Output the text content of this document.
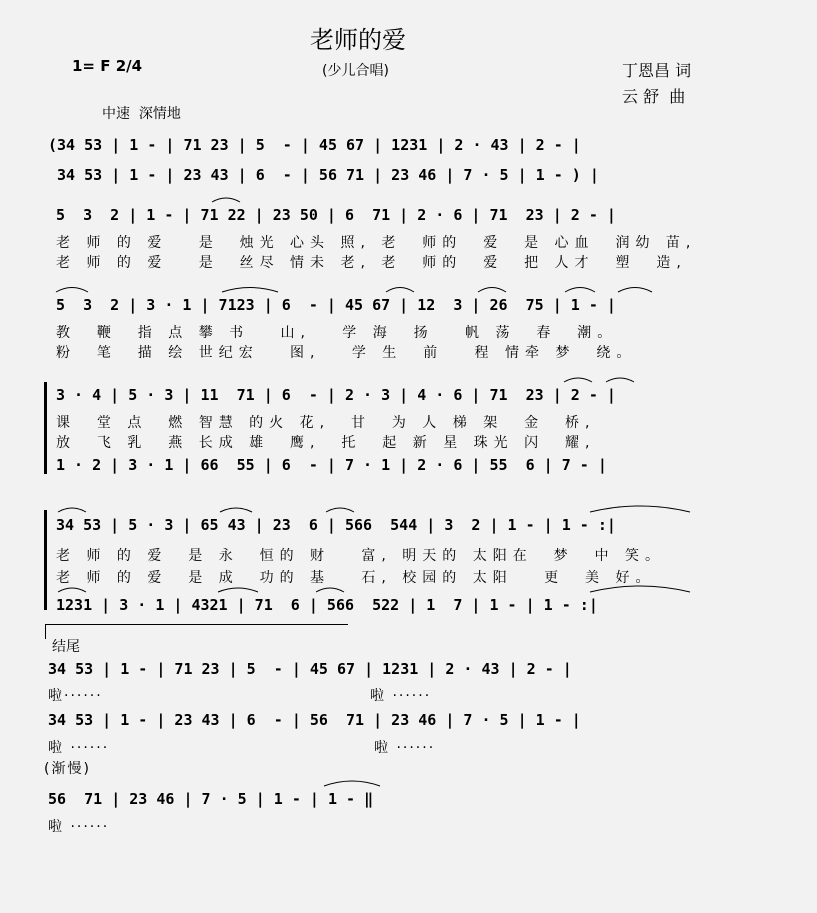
老师的爱
(少儿合唱)
1= F 2/4	丁恩昌 词
云 舒  曲
中速  深情地
(34 53 | 1 - | 71 23 | 5  - | 45 67 | 1231 | 2 · 43 | 2 - |
34 53 | 1 - | 23 43 | 6  - | 56 71 | 23 46 | 7 · 5 | 1 - ) |
5  3  2 | 1 - | 71 22 | 23 50 | 6  71 | 2 · 6 | 71  23 | 2 - |
老 师 的 爱   是  烛光 心头 照, 老  师的  爱  是 心血  润幼 苗,
老 师 的 爱   是  丝尽 情未 老, 老  师的  爱  把 人才  塑  造,
5  3  2 | 3 · 1 | 7123 | 6  - | 45 67 | 12  3 | 26  75 | 1 - |
教  鞭  指 点 攀 书   山,   学 海  扬   帆 荡  春  潮。
粉  笔  描 绘 世纪宏   图,   学 生  前   程 情牵 梦  绕。
3 · 4 | 5 · 3 | 11  71 | 6  - | 2 · 3 | 4 · 6 | 71  23 | 2 - |
课  堂 点  燃 智慧 的火 花,  甘  为 人 梯 架  金  桥,
放  飞 乳  燕 长成 雄  鹰,  托  起 新 星 珠光 闪  耀,
1 · 2 | 3 · 1 | 66  55 | 6  - | 7 · 1 | 2 · 6 | 55  6 | 7 - |
34 53 | 5 · 3 | 65 43 | 23  6 | 566  544 | 3  2 | 1 - | 1 - :|
老 师 的 爱  是 永  恒的 财   富, 明天的 太阳在  梦  中 笑。
老 师 的 爱  是 成  功的 基   石, 校园的 太阳   更  美 好。
1231 | 3 · 1 | 4321 | 71  6 | 566  522 | 1  7 | 1 - | 1 - :|
结尾
34 53 | 1 - | 71 23 | 5  - | 45 67 | 1231 | 2 · 43 | 2 - |
啦······	啦 ······
34 53 | 1 - | 23 43 | 6  - | 56  71 | 23 46 | 7 · 5 | 1 - |
啦 ······	啦 ······
(渐慢)
56  71 | 23 46 | 7 · 5 | 1 - | 1 - ‖
啦 ······
